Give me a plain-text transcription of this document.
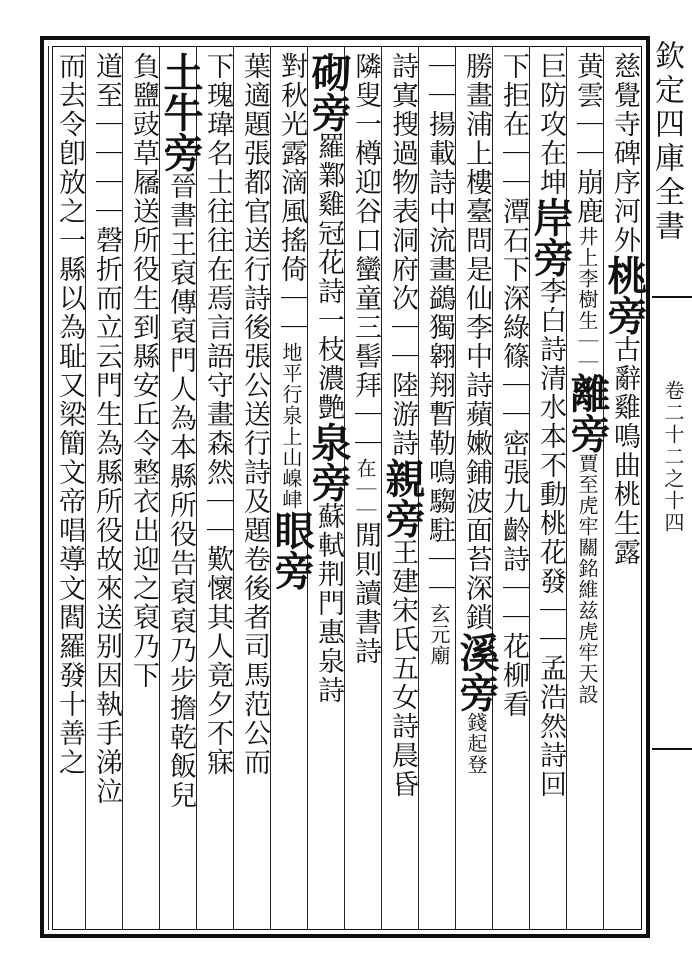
欽定四庫全書
卷二十二之十四
慈覺寺碑序河外桃旁古辭雞鳴曲桃生露
黄雲｜｜崩鹿井上李樹生｜｜離旁賈至虎牢關銘維兹虎牢天設
巨防攻在坤岸旁李白詩清水本不動桃花發｜｜孟浩然詩回
下拒在｜｜潭石下深綠篠｜｜密張九齡詩｜｜花柳看
勝畫浦上樓臺問是仙李中詩蘋嫩鋪波面苔深鎖溪旁錢起登
｜｜揚載詩中流畫鷁獨翱翔暫勒鳴騶駐｜｜玄元廟
詩寘搜過物表洞府次｜｜陸游詩親旁王建宋氏五女詩晨昏
隣叟一樽迎谷口蠻童三髻拜｜｜在｜｜閒則讀書詩
砌旁羅鄴雞冠花詩一枝濃艶泉旁蘇軾荆門惠泉詩
對秋光露滴風搖倚｜｜地平行泉上山嵲峍眼旁
葉適題張都官送行詩後張公送行詩及題卷後者司馬范公而
下瑰瑋名士往往在焉言語守畫森然｜｜歎懷其人竟夕不寐
土牛旁晉書王裒傳裒門人為本縣所役告裒裒乃步擔乾飯兒
負鹽豉草屩送所役生到縣安丘令整衣出迎之裒乃下
道至｜｜｜｜磬折而立云門生為縣所役故來送别因執手涕泣
而去令卽放之一縣以為耻又梁簡文帝唱導文閻羅發十善之
